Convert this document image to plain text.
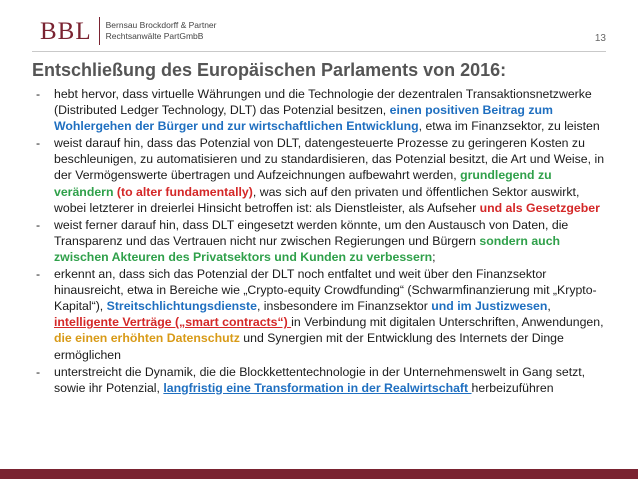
BBL Bernsau Brockdorff & Partner
Rechtsanwälte PartGmbB	13
Entschließung des Europäischen Parlaments von 2016:
- hebt hervor, dass virtuelle Währungen und die Technologie der dezentralen Transaktionsnetzwerke (Distributed Ledger Technology, DLT) das Potenzial besitzen, einen positiven Beitrag zum Wohlergehen der Bürger und zur wirtschaftlichen Entwicklung, etwa im Finanzsektor, zu leisten
- weist darauf hin, dass das Potenzial von DLT, datengesteuerte Prozesse zu geringeren Kosten zu beschleunigen, zu automatisieren und zu standardisieren, das Potenzial besitzt, die Art und Weise, in der Vermögenswerte übertragen und Aufzeichnungen aufbewahrt werden, grundlegend zu verändern (to alter fundamentally), was sich auf den privaten und öffentlichen Sektor auswirkt, wobei letzterer in dreierlei Hinsicht betroffen ist: als Dienstleister, als Aufseher und als Gesetzgeber
- weist ferner darauf hin, dass DLT eingesetzt werden könnte, um den Austausch von Daten, die Transparenz und das Vertrauen nicht nur zwischen Regierungen und Bürgern sondern auch zwischen Akteuren des Privatsektors und Kunden zu verbessern;
- erkennt an, dass sich das Potenzial der DLT noch entfaltet und weit über den Finanzsektor hinausreicht, etwa in Bereiche wie „Crypto-equity Crowdfunding“ (Schwarmfinanzierung mit „Krypto-Kapital“), Streitschlichtungsdienste, insbesondere im Finanzsektor und im Justizwesen, intelligente Verträge („smart contracts“) in Verbindung mit digitalen Unterschriften, Anwendungen, die einen erhöhten Datenschutz und Synergien mit der Entwicklung des Internets der Dinge ermöglichen
- unterstreicht die Dynamik, die die Blockkettentechnologie in der Unternehmenswelt in Gang setzt, sowie ihr Potenzial, langfristig eine Transformation in der Realwirtschaft herbeizuführen
